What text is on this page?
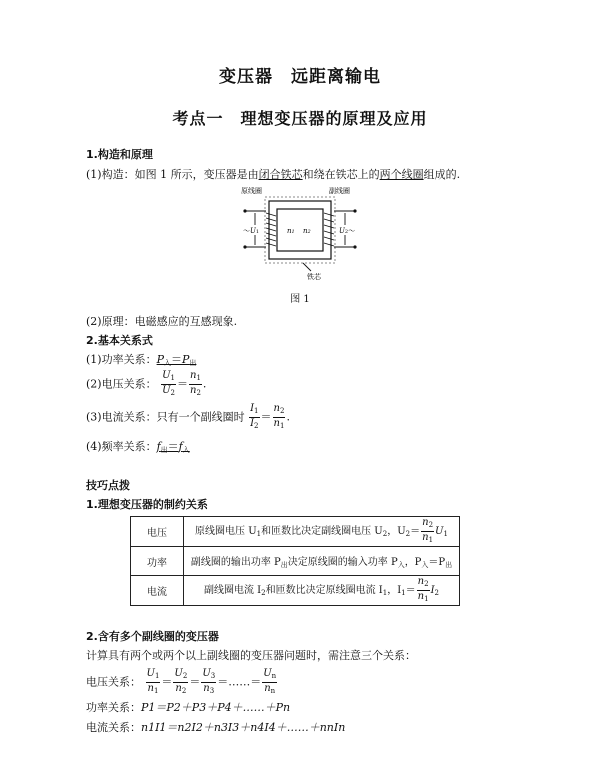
变压器　远距离输电
考点一　理想变压器的原理及应用
1.构造和原理
(1)构造：如图 1 所示，变压器是由闭合铁芯和绕在铁芯上的两个线圈组成的.
原线圈	副线圈
铁芯
～U1	n1 n2	U2～
图 1
(2)原理：电磁感应的互感现象.
2.基本关系式
(1)功率关系：$P_入=P_出$
(2)电压关系： $\frac{U_1}{U_2} = \frac{n_1}{n_2}$ .
(3)电流关系：只有一个副线圈时 $\frac{I_1}{I_2} = \frac{n_2}{n_1}$ .
(4)频率关系：$f_出=f_入$
技巧点拨
1.理想变压器的制约关系
电压	原线圈电压 $U_1$和匝数比决定副线圈电压 $U_2$，$U_2= \frac{n_2}{n_1} U_1$
功率	副线圈的输出功率 $P_出$决定原线圈的输入功率 $P_入$，$P_入=P_出$
电流	副线圈电流 $I_2$和匝数比决定原线圈电流 $I_1$，$I_1= \frac{n_2}{n_1} I_2$
2.含有多个副线圈的变压器
计算具有两个或两个以上副线圈的变压器问题时，需注意三个关系：
电压关系： $\frac{U_1}{n_1} = \frac{U_2}{n_2} = \frac{U_3}{n_3}$ ＝……＝ $\frac{U_n}{n_n}$
功率关系：P1＝P2＋P3＋P4＋……＋Pn
电流关系：n1I1＝n2I2＋n3I3＋n4I4＋……＋nnIn
